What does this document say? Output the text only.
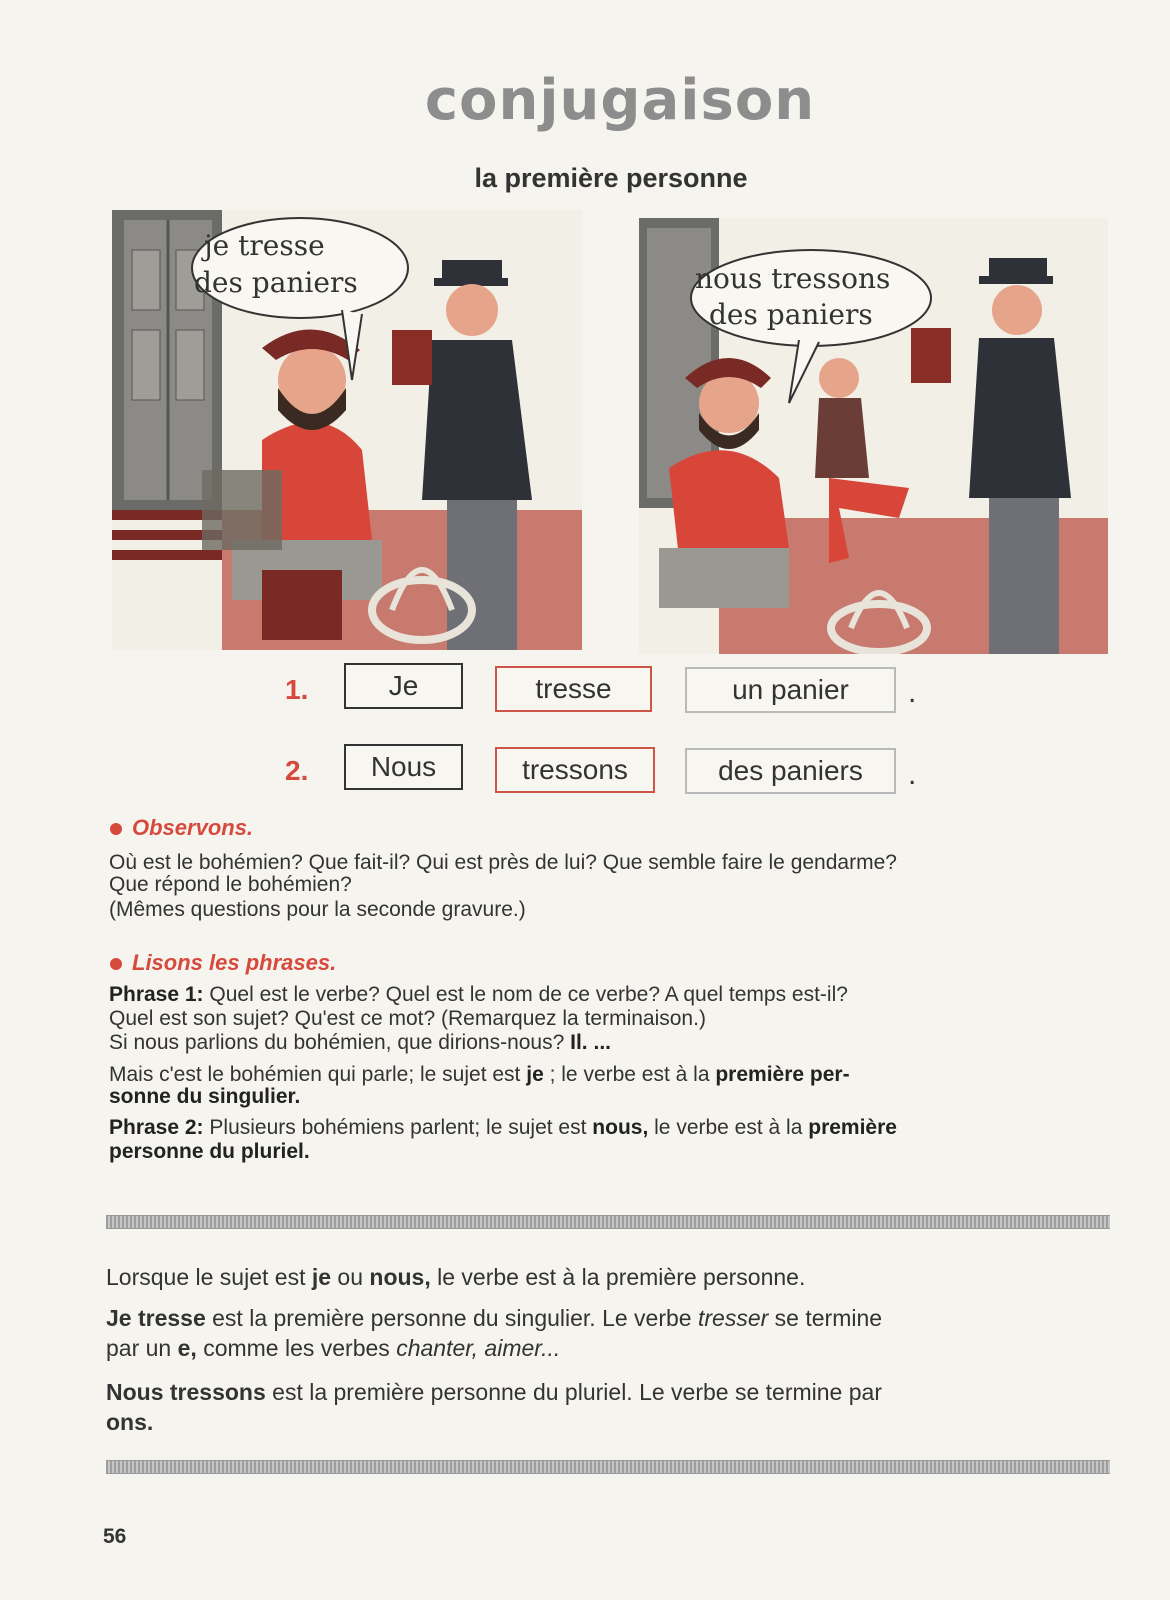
conjugaison
la première personne
je tresse
des paniers	nous tressons
des paniers
1.	Je	tresse	un panier	.
2.	Nous	tressons	des paniers	.
Observons.
Où est le bohémien? Que fait-il? Qui est près de lui? Que semble faire le gendarme?
Que répond le bohémien?
(Mêmes questions pour la seconde gravure.)
Lisons les phrases.
Phrase 1: Quel est le verbe? Quel est le nom de ce verbe? A quel temps est-il?
Quel est son sujet? Qu'est ce mot? (Remarquez la terminaison.)
Si nous parlions du bohémien, que dirions-nous? Il. ...
Mais c'est le bohémien qui parle; le sujet est je ; le verbe est à la première per-
sonne du singulier.
Phrase 2: Plusieurs bohémiens parlent; le sujet est nous, le verbe est à la première
personne du pluriel.
Lorsque le sujet est je ou nous, le verbe est à la première personne.
Je tresse est la première personne du singulier. Le verbe tresser se termine
par un e, comme les verbes chanter, aimer...
Nous tressons est la première personne du pluriel. Le verbe se termine par
ons.
56
